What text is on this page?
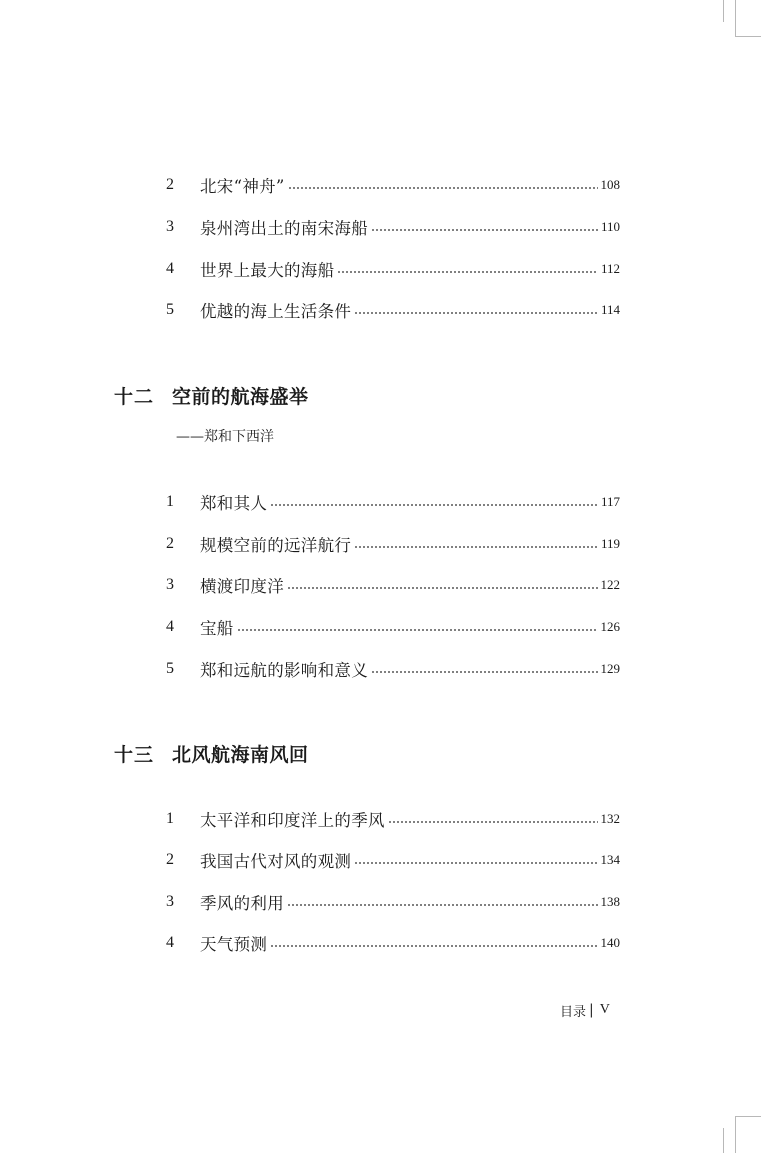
2	北宋“神舟”	108
3	泉州湾出土的南宋海船	110
4	世界上最大的海船	112
5	优越的海上生活条件	114
十二 空前的航海盛举
——郑和下西洋
1	郑和其人	117
2	规模空前的远洋航行	119
3	横渡印度洋	122
4	宝船	126
5	郑和远航的影响和意义	129
十三 北风航海南风回
1	太平洋和印度洋上的季风	132
2	我国古代对风的观测	134
3	季风的利用	138
4	天气预测	140
目录 | V
